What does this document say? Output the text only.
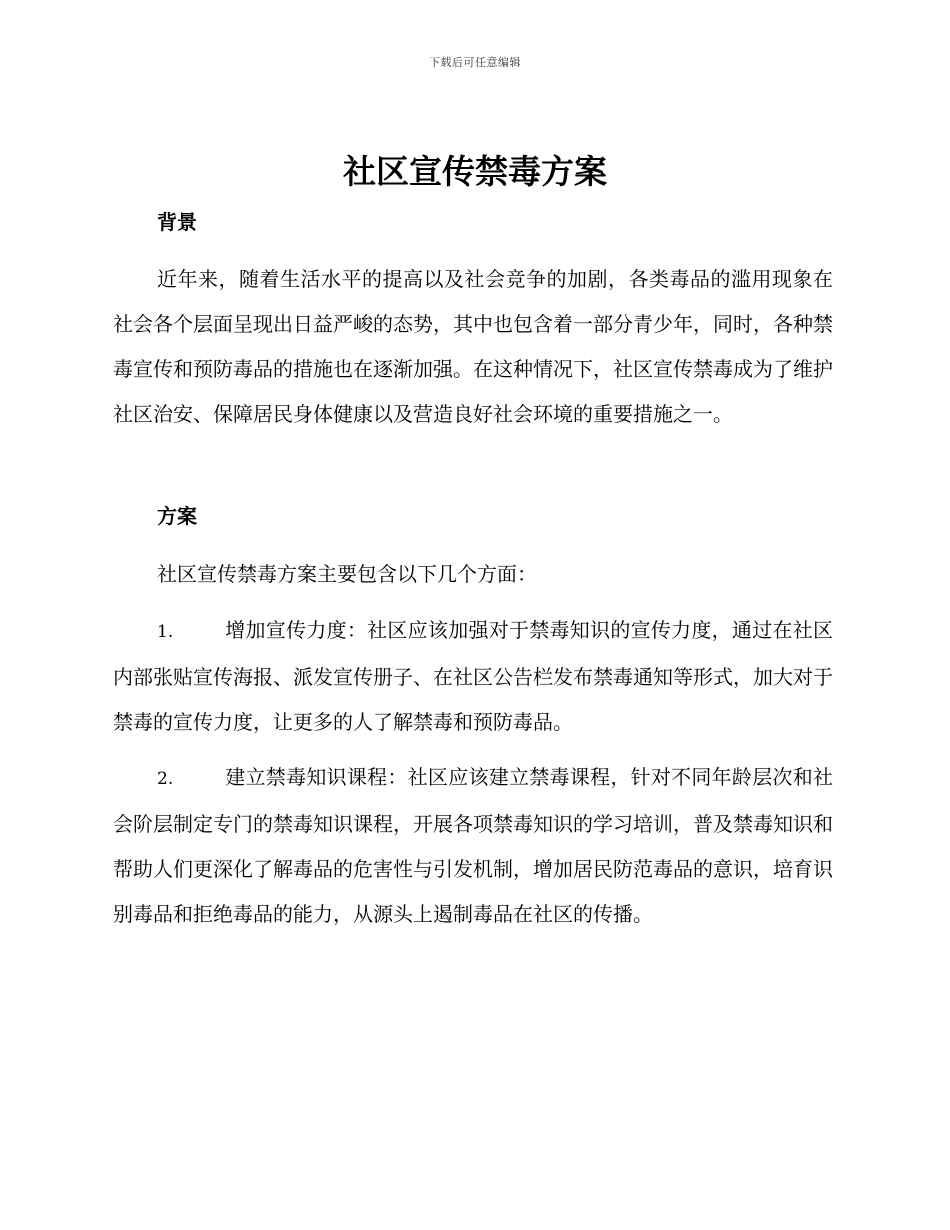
下载后可任意编辑
社区宣传禁毒方案

背景

近年来，随着生活水平的提高以及社会竞争的加剧，各类毒品的滥用现象在社会各个层面呈现出日益严峻的态势，其中也包含着一部分青少年，同时，各种禁毒宣传和预防毒品的措施也在逐渐加强。在这种情况下，社区宣传禁毒成为了维护社区治安、保障居民身体健康以及营造良好社会环境的重要措施之一。

方案

社区宣传禁毒方案主要包含以下几个方面：

1.	增加宣传力度：社区应该加强对于禁毒知识的宣传力度，通过在社区内部张贴宣传海报、派发宣传册子、在社区公告栏发布禁毒通知等形式，加大对于禁毒的宣传力度，让更多的人了解禁毒和预防毒品。

2.	建立禁毒知识课程：社区应该建立禁毒课程，针对不同年龄层次和社会阶层制定专门的禁毒知识课程，开展各项禁毒知识的学习培训，普及禁毒知识和帮助人们更深化了解毒品的危害性与引发机制，增加居民防范毒品的意识，培育识别毒品和拒绝毒品的能力，从源头上遏制毒品在社区的传播。
